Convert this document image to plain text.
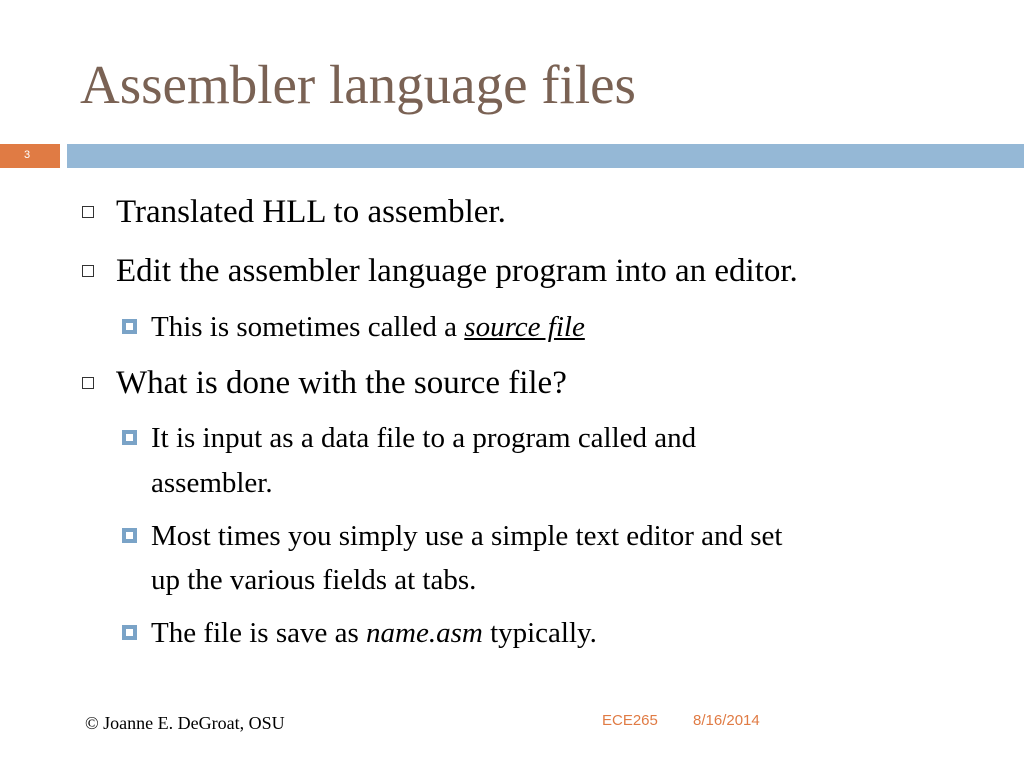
Assembler language files
3
Translated HLL to assembler.
Edit the assembler language program into an editor.
This is sometimes called a source file
What is done with the source file?
It is input as a data file to a program called and
assembler.
Most times you simply use a simple text editor and set
up the various fields at tabs.
The file is save as name.asm typically.
© Joanne E. DeGroat, OSU	ECE265 8/16/2014
